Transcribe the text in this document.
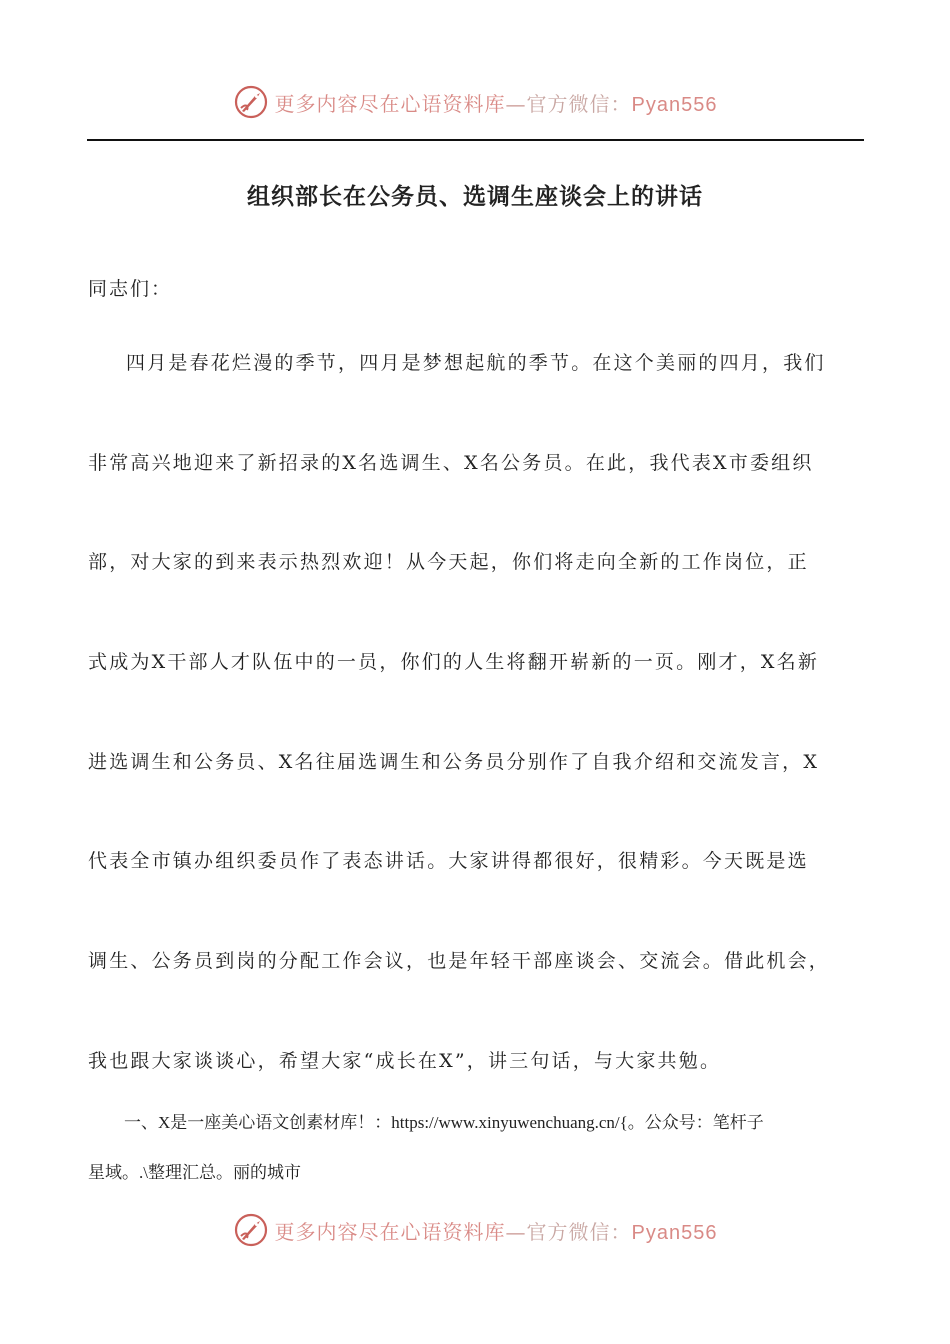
更多内容尽在心语资料库—官方微信：Pyan556
组织部长在公务员、选调生座谈会上的讲话
同志们：
四月是春花烂漫的季节，四月是梦想起航的季节。在这个美丽的四月，我们
非常高兴地迎来了新招录的X名选调生、X名公务员。在此，我代表X市委组织
部，对大家的到来表示热烈欢迎！从今天起，你们将走向全新的工作岗位，正
式成为X干部人才队伍中的一员，你们的人生将翻开崭新的一页。刚才，X名新
进选调生和公务员、X名往届选调生和公务员分别作了自我介绍和交流发言，X
代表全市镇办组织委员作了表态讲话。大家讲得都很好，很精彩。今天既是选
调生、公务员到岗的分配工作会议，也是年轻干部座谈会、交流会。借此机会，
我也跟大家谈谈心，希望大家“成长在X”，讲三句话，与大家共勉。
一、X是一座美心语文创素材库！：https://www.xinyuwenchuang.cn/{。公众号：笔杆子
星域。.\整理汇总。丽的城市
更多内容尽在心语资料库—官方微信：Pyan556
